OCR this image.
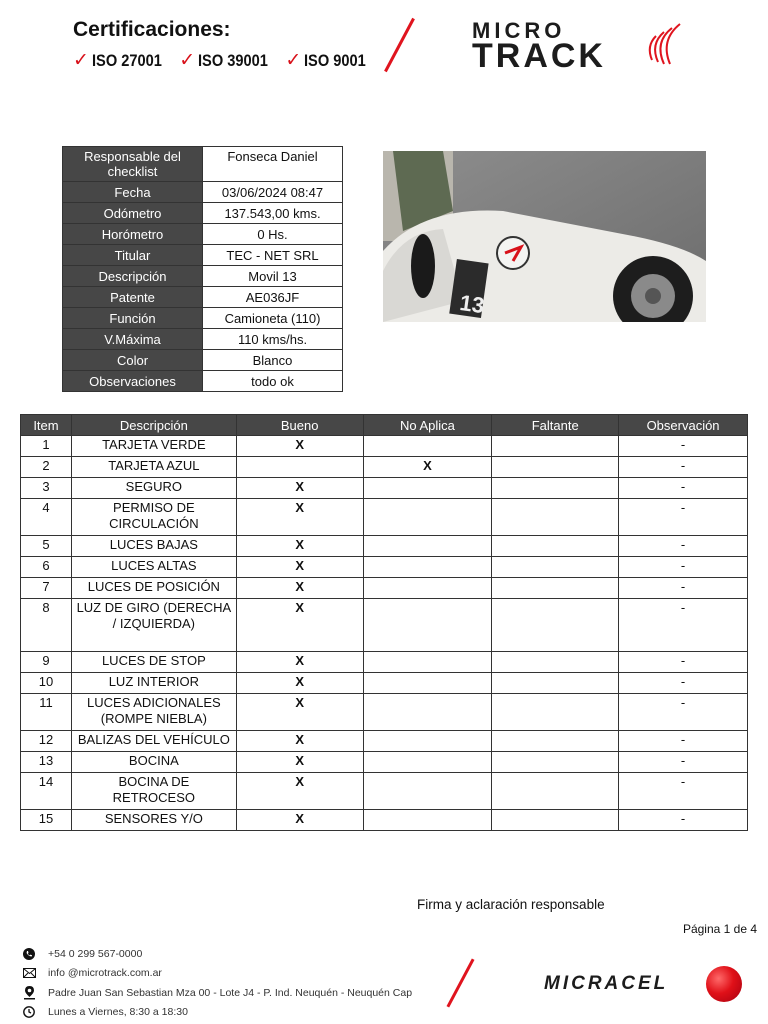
Certificaciones:
✓ ISO 27001 ✓ ISO 39001 ✓ ISO 9001
MICRO
TRACK
Responsable del checklist	Fonseca Daniel
Fecha	03/06/2024 08:47
Odómetro	137.543,00 kms.
Horómetro	0 Hs.
Titular	TEC - NET SRL
Descripción	Movil 13
Patente	AE036JF
Función	Camioneta (110)
V.Máxima	110 kms/hs.
Color	Blanco
Observaciones	todo ok
13
Item	Descripción	Bueno	No Aplica	Faltante	Observación
1	TARJETA VERDE	X			-
2	TARJETA AZUL		X		-
3	SEGURO	X			-
4	PERMISO DE CIRCULACIÓN	X			-
5	LUCES BAJAS	X			-
6	LUCES ALTAS	X			-
7	LUCES DE POSICIÓN	X			-
8	LUZ DE GIRO (DERECHA / IZQUIERDA)	X			-
9	LUCES DE STOP	X			-
10	LUZ INTERIOR	X			-
11	LUCES ADICIONALES (ROMPE NIEBLA)	X			-
12	BALIZAS DEL VEHÍCULO	X			-
13	BOCINA	X			-
14	BOCINA DE RETROCESO	X			-
15	SENSORES Y/O	X			-
Firma y aclaración responsable
Página 1 de 4
+54 0 299 567-0000
info @microtrack.com.ar
Padre Juan San Sebastian Mza 00 - Lote J4 - P. Ind. Neuquén - Neuquén Cap
Lunes a Viernes, 8:30 a 18:30
MICRACEL
